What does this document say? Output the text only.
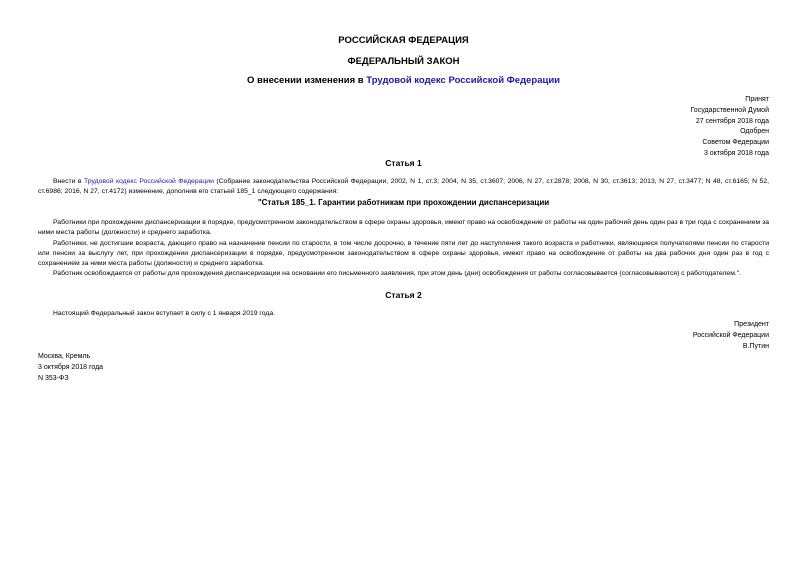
РОССИЙСКАЯ ФЕДЕРАЦИЯ
ФЕДЕРАЛЬНЫЙ ЗАКОН
О внесении изменения в Трудовой кодекс Российской Федерации
Принят
Государственной Думой
27 сентября 2018 года
Одобрен
Советом Федерации
3 октября 2018 года
Статья 1

Внести в Трудовой кодекс Российской Федерации (Собрание законодательства Российской Федерации, 2002, N 1, ст.3; 2004, N 35, ст.3607; 2006, N 27, ст.2878; 2008, N 30, ст.3613; 2013, N 27, ст.3477; N 48, ст.6165; N 52, ст.6986; 2016, N 27, ст.4172) изменение, дополнив его статьей 185_1 следующего содержания:

"Статья 185_1. Гарантии работникам при прохождении диспансеризации

Работники при прохождении диспансеризации в порядке, предусмотренном законодательством в сфере охраны здоровья, имеют право на освобождение от работы на один рабочий день один раз в три года с сохранением за ними места работы (должности) и среднего заработка.

Работники, не достигшие возраста, дающего право на назначение пенсии по старости, в том числе досрочно, в течение пяти лет до наступления такого возраста и работники, являющиеся получателями пенсии по старости или пенсии за выслугу лет, при прохождении диспансеризации в порядке, предусмотренном законодательством в сфере охраны здоровья, имеют право на освобождение от работы на два рабочих дня один раз в год с сохранением за ними места работы (должности) и среднего заработка.

Работник освобождается от работы для прохождения диспансеризации на основании его письменного заявления, при этом день (дни) освобождения от работы согласовывается (согласовываются) с работодателем.".

Статья 2

Настоящий Федеральный закон вступает в силу с 1 января 2019 года.

Президент
Российской Федерации
В.Путин
Москва, Кремль
3 октября 2018 года
N 353-ФЗ
